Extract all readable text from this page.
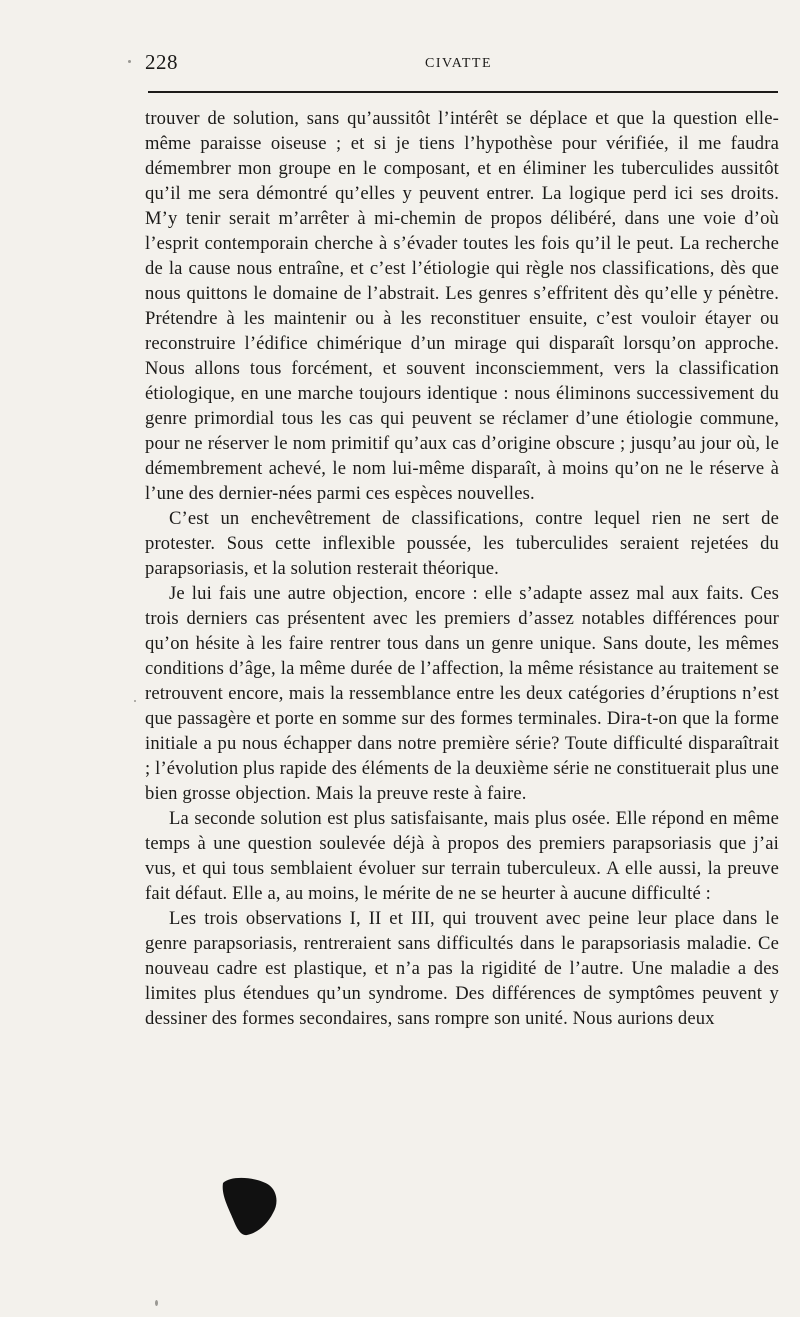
228	CIVATTE

trouver de solution, sans qu’aussitôt l’intérêt se déplace et que la question elle-même paraisse oiseuse ; et si je tiens l’hypothèse pour vérifiée, il me faudra démembrer mon groupe en le composant, et en éliminer les tuberculides aussitôt qu’il me sera démontré qu’elles y peuvent entrer. La logique perd ici ses droits. M’y tenir serait m’arrêter à mi-chemin de propos délibéré, dans une voie d’où l’esprit contemporain cherche à s’évader toutes les fois qu’il le peut. La recherche de la cause nous entraîne, et c’est l’étiologie qui règle nos classifications, dès que nous quittons le domaine de l’abstrait. Les genres s’effritent dès qu’elle y pénètre. Prétendre à les maintenir ou à les reconstituer ensuite, c’est vouloir étayer ou reconstruire l’édifice chimérique d’un mirage qui disparaît lorsqu’on approche. Nous allons tous forcément, et souvent inconsciemment, vers la classification étiologique, en une marche toujours identique : nous éliminons successivement du genre primordial tous les cas qui peuvent se réclamer d’une étiologie commune, pour ne réserver le nom primitif qu’aux cas d’origine obscure ; jusqu’au jour où, le démembrement achevé, le nom lui-même disparaît, à moins qu’on ne le réserve à l’une des dernier-nées parmi ces espèces nouvelles.

C’est un enchevêtrement de classifications, contre lequel rien ne sert de protester. Sous cette inflexible poussée, les tuberculides seraient rejetées du parapsoriasis, et la solution resterait théorique.

Je lui fais une autre objection, encore : elle s’adapte assez mal aux faits. Ces trois derniers cas présentent avec les premiers d’assez notables différences pour qu’on hésite à les faire rentrer tous dans un genre unique. Sans doute, les mêmes conditions d’âge, la même durée de l’affection, la même résistance au traitement se retrouvent encore, mais la ressemblance entre les deux catégories d’éruptions n’est que passagère et porte en somme sur des formes terminales. Dira-t-on que la forme initiale a pu nous échapper dans notre première série? Toute difficulté disparaîtrait ; l’évolution plus rapide des éléments de la deuxième série ne constituerait plus une bien grosse objection. Mais la preuve reste à faire.

La seconde solution est plus satisfaisante, mais plus osée. Elle répond en même temps à une question soulevée déjà à propos des premiers parapsoriasis que j’ai vus, et qui tous semblaient évoluer sur terrain tuberculeux. A elle aussi, la preuve fait défaut. Elle a, au moins, le mérite de ne se heurter à aucune difficulté :

Les trois observations I, II et III, qui trouvent avec peine leur place dans le genre parapsoriasis, rentreraient sans difficultés dans le parapsoriasis maladie. Ce nouveau cadre est plastique, et n’a pas la rigidité de l’autre. Une maladie a des limites plus étendues qu’un syndrome. Des différences de symptômes peuvent y dessiner des formes secondaires, sans rompre son unité. Nous aurions deux
